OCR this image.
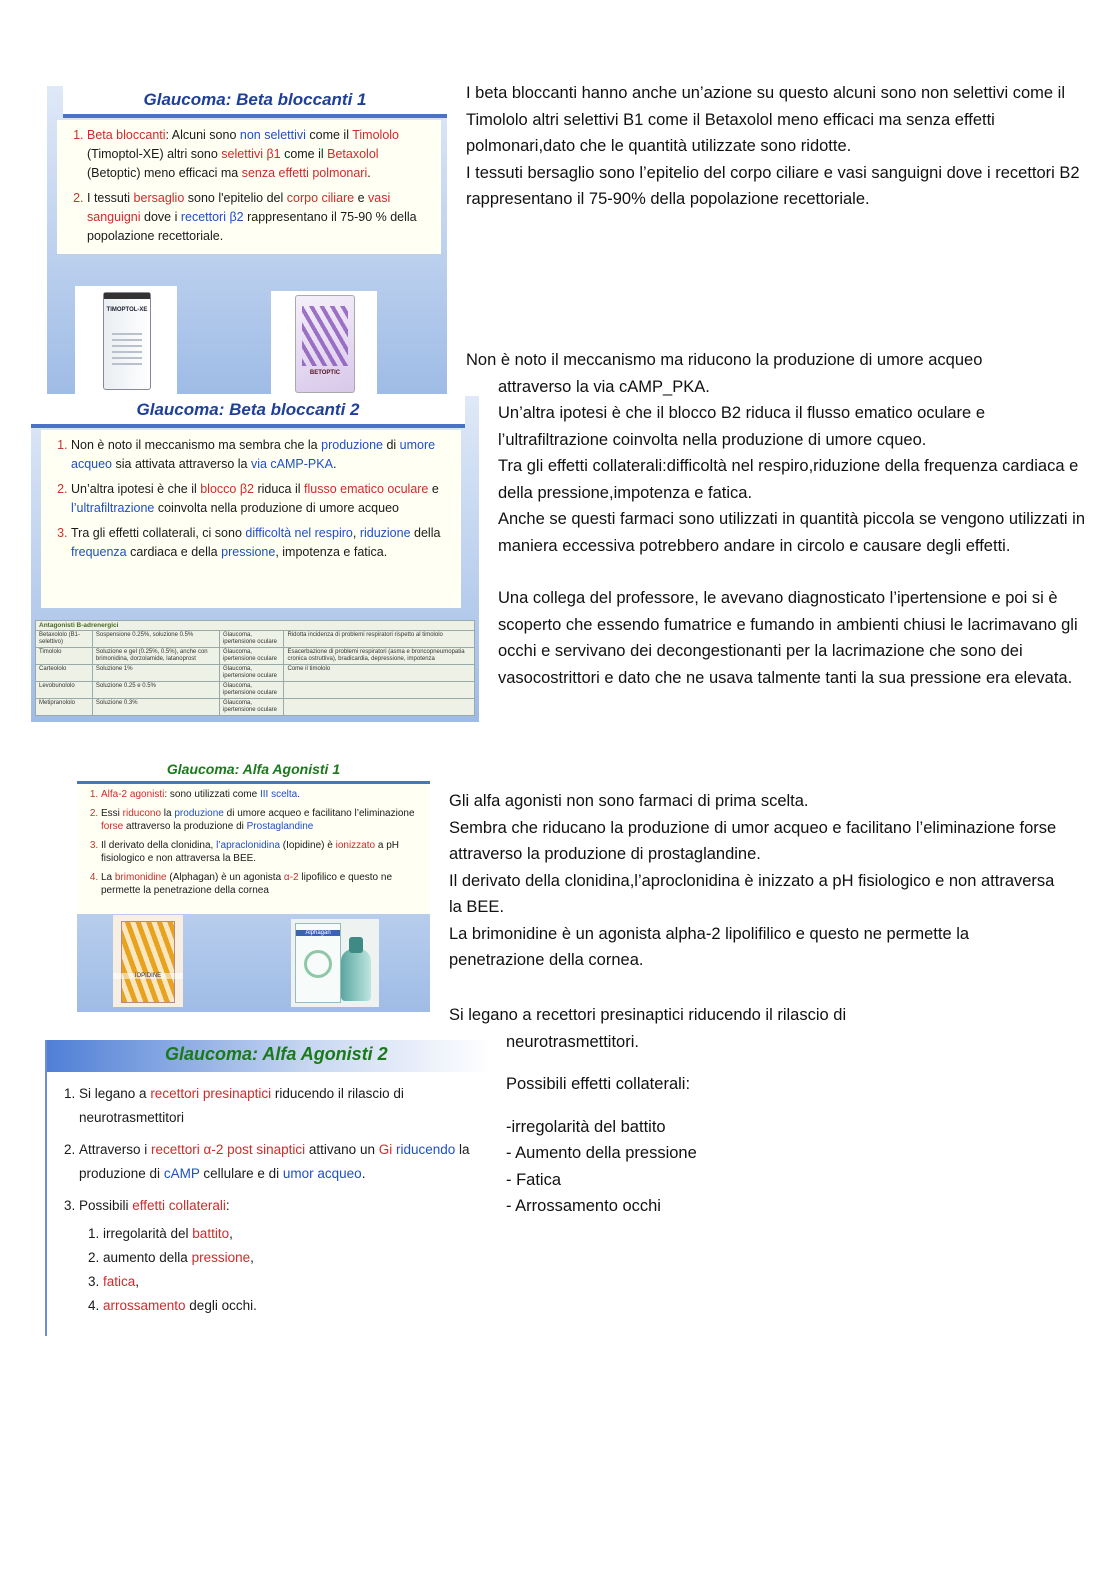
Glaucoma: Beta bloccanti 1
1. Beta bloccanti: Alcuni sono non selettivi come il Timololo (Timoptol-XE) altri sono selettivi β1 come il Betaxolol (Betoptic) meno efficaci ma senza effetti polmonari.
2. I tessuti bersaglio sono l'epitelio del corpo ciliare e vasi sanguigni dove i recettori β2 rappresentano il 75-90 % della popolazione recettoriale.
TIMOPTOL-XE
BETOPTIC

I beta bloccanti hanno anche un’azione su questo alcuni sono non selettivi come il Timololo altri selettivi B1 come il Betaxolol meno efficaci ma senza effetti polmonari,dato che le quantità utilizzate sono ridotte.

I tessuti bersaglio sono l’epitelio del corpo ciliare e vasi sanguigni dove i recettori B2 rappresentano il 75-90% della popolazione recettoriale.

Glaucoma: Beta bloccanti 2
1. Non è noto il meccanismo ma sembra che la produzione di umore acqueo sia attivata attraverso la via cAMP-PKA.
2. Un’altra ipotesi è che il blocco β2 riduca il flusso ematico oculare e l’ultrafiltrazione coinvolta nella produzione di umore acqueo
3. Tra gli effetti collaterali, ci sono difficoltà nel respiro, riduzione della frequenza cardiaca e della pressione, impotenza e fatica.
Antagonisti B-adrenergici			
Betaxololo (B1-selettivo)	Sospensione 0.25%, soluzione 0.5%	Glaucoma, ipertensione oculare	Ridotta incidenza di problemi respiratori rispetto al timololo
Timololo	Soluzione e gel (0.25%, 0.5%), anche con brimonidina, dorzolamide, latanoprost	Glaucoma, ipertensione oculare	Esacerbazione di problemi respiratori (asma e broncopneumopatia cronica ostruttiva), bradicardia, depressione, impotenza
Carteololo	Soluzione 1%	Glaucoma, ipertensione oculare	Come il timololo
Levobunololo	Soluzione 0.25 e 0.5%	Glaucoma, ipertensione oculare	
Metipranololo	Soluzione 0.3%	Glaucoma, ipertensione oculare	

Non è noto il meccanismo ma riducono la produzione di umore acqueo

attraverso la via cAMP_PKA.

Un’altra ipotesi è che il blocco B2 riduca il flusso ematico oculare e l’ultrafiltrazione coinvolta nella produzione di umore cqueo.

Tra gli effetti collaterali:difficoltà nel respiro,riduzione della frequenza cardiaca e della pressione,impotenza e fatica.

Anche se questi farmaci sono utilizzati in quantità piccola se vengono utilizzati in maniera eccessiva potrebbero andare in circolo e causare degli effetti.

Una collega del professore, le avevano diagnosticato l’ipertensione e poi si è scoperto che essendo fumatrice e fumando in ambienti chiusi le lacrimavano gli occhi e servivano dei decongestionanti per la lacrimazione che sono dei vasocostrittori e dato che ne usava talmente tanti la sua pressione era elevata.

Glaucoma: Alfa Agonisti 1
1. Alfa-2 agonisti: sono utilizzati come III scelta.
2. Essi riducono la produzione di umore acqueo e facilitano l’eliminazione forse attraverso la produzione di Prostaglandine
3. Il derivato della clonidina, l’apraclonidina (Iopidine) è ionizzato a pH fisiologico e non attraversa la BEE.
4. La brimonidine (Alphagan) è un agonista α-2 lipofilico e questo ne permette la penetrazione della cornea
IOPIDINE
Alphagan

Gli alfa agonisti non sono farmaci di prima scelta.

Sembra che riducano la produzione di umor acqueo e facilitano l’eliminazione forse attraverso la produzione di prostaglandine.

Il derivato della clonidina,l’aproclonidina è inizzato a pH fisiologico e non attraversa la BEE.

La brimonidine è un agonista alpha-2 lipolifilico e questo ne permette la penetrazione della cornea.

Glaucoma: Alfa Agonisti 2
1. Si legano a recettori presinaptici riducendo il rilascio di neurotrasmettitori
2. Attraverso i recettori α-2 post sinaptici attivano un Gi riducendo la produzione di cAMP cellulare e di umor acqueo.
3. Possibili effetti collaterali:
1. irregolarità del battito,
2. aumento della pressione,
3. fatica,
4. arrossamento degli occhi.

Si legano a recettori presinaptici riducendo il rilascio di

neurotrasmettitori.

Possibili effetti collaterali:

-irregolarità del battito

- Aumento della pressione

- Fatica

- Arrossamento occhi
